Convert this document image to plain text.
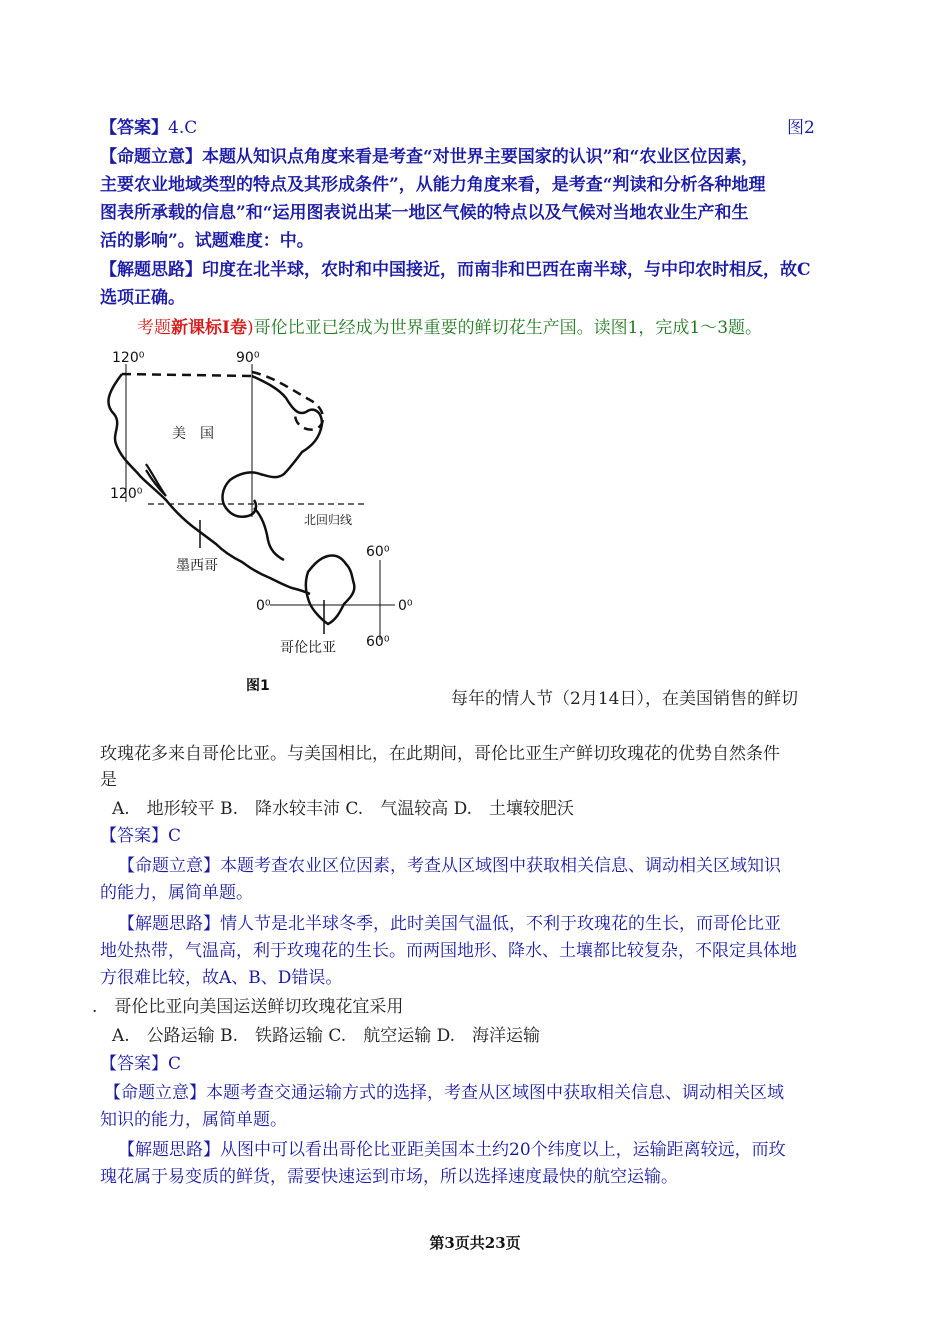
【答案】4.C	图2
【命题立意】本题从知识点角度来看是考查“对世界主要国家的认识”和“农业区位因素，
主要农业地域类型的特点及其形成条件”，从能力角度来看，是考查“判读和分析各种地理
图表所承载的信息”和“运用图表说出某一地区气候的特点以及气候对当地农业生产和生
活的影响”。试题难度：中。
【解题思路】印度在北半球，农时和中国接近，而南非和巴西在南半球，与中印农时相反，故C
选项正确。
考题新课标Ⅰ卷)哥伦比亚已经成为世界重要的鲜切花生产国。读图1，完成1～3题。
120⁰	90⁰
美　国
120⁰
北回归线
墨西哥
60⁰
0⁰	0⁰
60⁰
哥伦比亚
图1
每年的情人节（2月14日），在美国销售的鲜切
玫瑰花多来自哥伦比亚。与美国相比，在此期间，哥伦比亚生产鲜切玫瑰花的优势自然条件
是
A.　地形较平 B.　降水较丰沛 C.　气温较高 D.　土壤较肥沃
【答案】C
【命题立意】本题考查农业区位因素，考查从区域图中获取相关信息、调动相关区域知识
的能力，属简单题。
【解题思路】情人节是北半球冬季，此时美国气温低，不利于玫瑰花的生长，而哥伦比亚
地处热带，气温高，利于玫瑰花的生长。而两国地形、降水、土壤都比较复杂，不限定具体地
方很难比较，故A、B、D错误。
.　哥伦比亚向美国运送鲜切玫瑰花宜采用
A.　公路运输 B.　铁路运输 C.　航空运输 D.　海洋运输
【答案】C
【命题立意】本题考查交通运输方式的选择，考查从区域图中获取相关信息、调动相关区域
知识的能力，属简单题。
【解题思路】从图中可以看出哥伦比亚距美国本土约20个纬度以上，运输距离较远，而玫
瑰花属于易变质的鲜货，需要快速运到市场，所以选择速度最快的航空运输。
第3页共23页
